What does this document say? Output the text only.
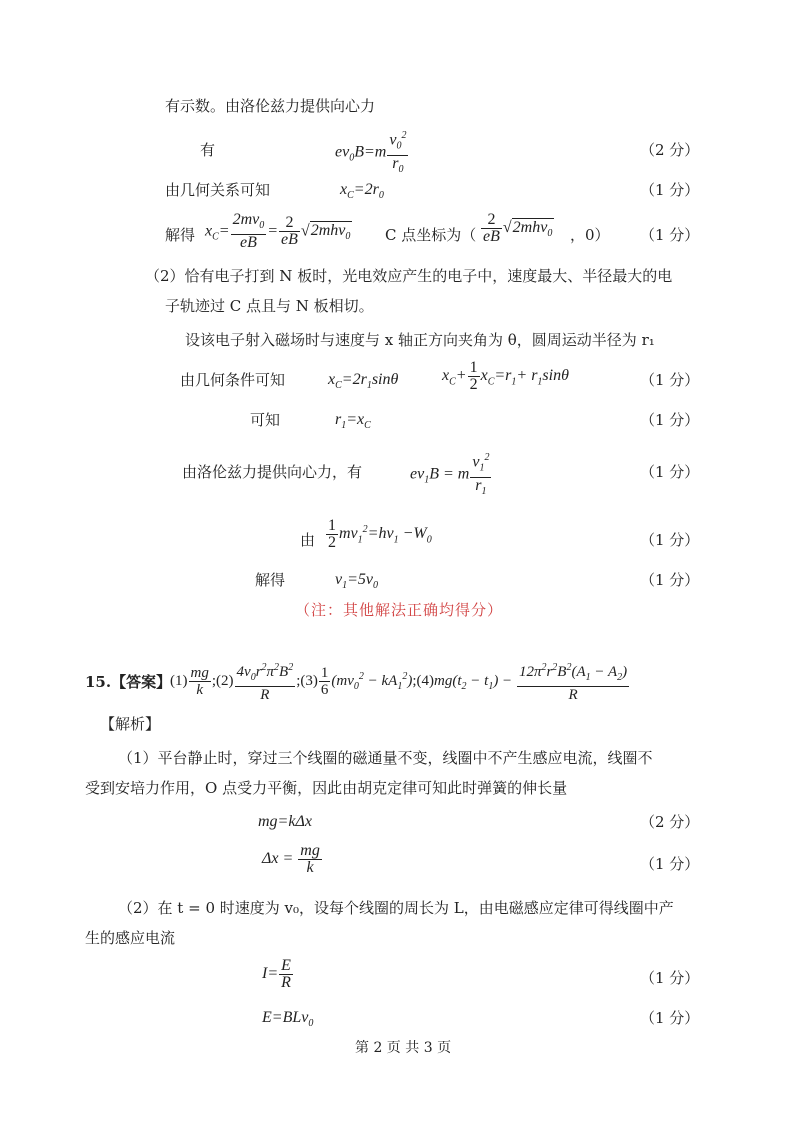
有示数。由洛伦兹力提供向心力
有	$ev_0B=m \frac{v_0^2}{r_0}$	（2 分）
由几何关系可知	$x_C=2r_0$	（1 分）
解得 $x_C= \frac{2mv_0}{eB} = \frac{2}{eB} √2mhv_0$ C 点坐标为（ $\frac{2}{eB} √2mhv_0$ ，0） （1 分）
（2）恰有电子打到 N 板时，光电效应产生的电子中，速度最大、半径最大的电
子轨迹过 C 点且与 N 板相切。
设该电子射入磁场时与速度与 x 轴正方向夹角为 θ，圆周运动半径为 r₁
由几何条件可知	$x_C=2r_1\sin\theta$	$x_C+ \frac{1}{2} x_C=r_1+ r_1\sin\theta$	（1 分）
可知	$r_1=x_C$	（1 分）
由洛伦兹力提供向心力，有	$ev_1B = m \frac{v_1^2}{r_1}$	（1 分）
由 $\frac{1}{2} mv_1^2=hv_1 -W_0$	（1 分）
解得	$v_1=5v_0$	（1 分）
（注：其他解法正确均得分）
15.【答案】
$(1) \frac{mg}{k}$ ;(2) $\frac{4v_0r^2\pi^2B^2}{R}$ ;(3) $\frac{1}{6} (mv_0^2$ − $kA_1^2);(4)mg(t_2 - t_1) - \frac{12\pi^2r^2B^2(A_1 - A_2)}{R}$
【解析】
（1）平台静止时，穿过三个线圈的磁通量不变，线圈中不产生感应电流，线圈不
受到安培力作用，O 点受力平衡，因此由胡克定律可知此时弹簧的伸长量
mg=kΔx	（2 分）
$\Delta x = \frac{mg}{k}$	（1 分）
（2）在 t = 0 时速度为 v₀，设每个线圈的周长为 L，由电磁感应定律可得线圈中产
生的感应电流
$I= \frac{E}{R}$	（1 分）
E=BLv$_0$	（1 分）
第 2 页 共 3 页
